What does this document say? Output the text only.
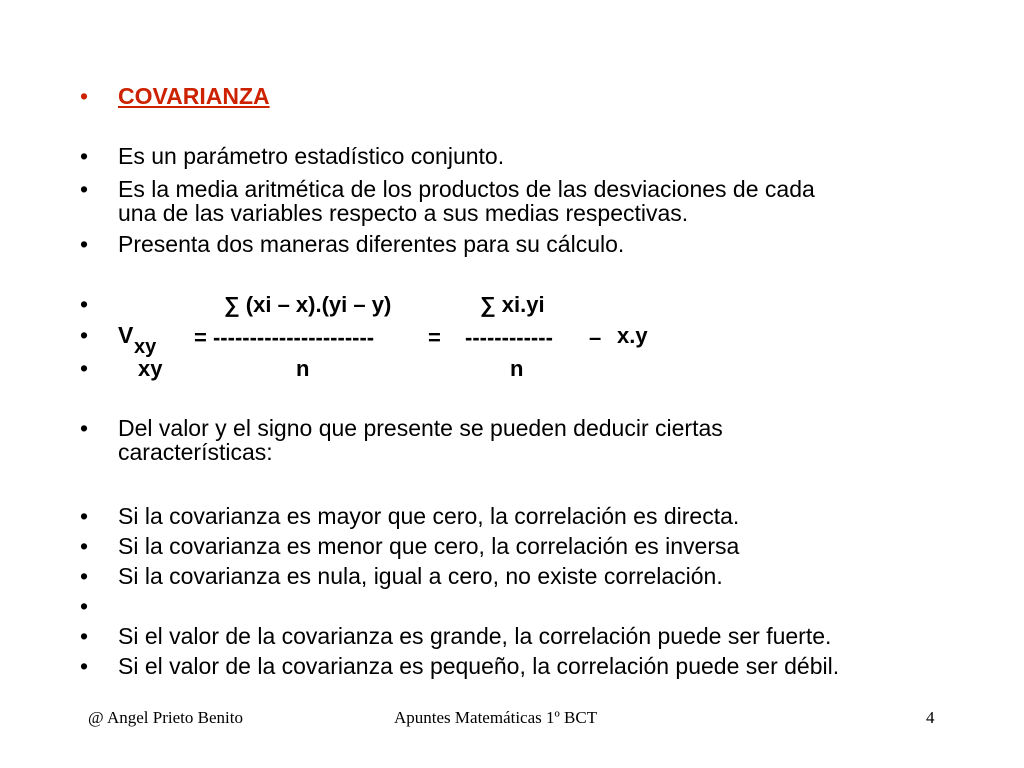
•	COVARIANZA
•	Es un parámetro estadístico conjunto.
•	Es la media aritmética de los productos de las desviaciones de cada
una de las variables respecto a sus medias respectivas.
•	Presenta dos maneras diferentes para su cálculo.
•	∑ (xi – x).(yi – y)	∑ xi.yi
•	V xy = ---------------------- = ------------ – x.y
•	xy	n	n
•	Del valor y el signo que presente se pueden deducir ciertas
características:
•	Si la covarianza es mayor que cero, la correlación es directa.
•	Si la covarianza es menor que cero, la correlación es inversa
•	Si la covarianza es nula, igual a cero, no existe correlación.
•
•	Si el valor de la covarianza es grande, la correlación puede ser fuerte.
•	Si el valor de la covarianza es pequeño, la correlación puede ser débil.
@ Angel Prieto Benito	Apuntes Matemáticas 1º BCT	4
